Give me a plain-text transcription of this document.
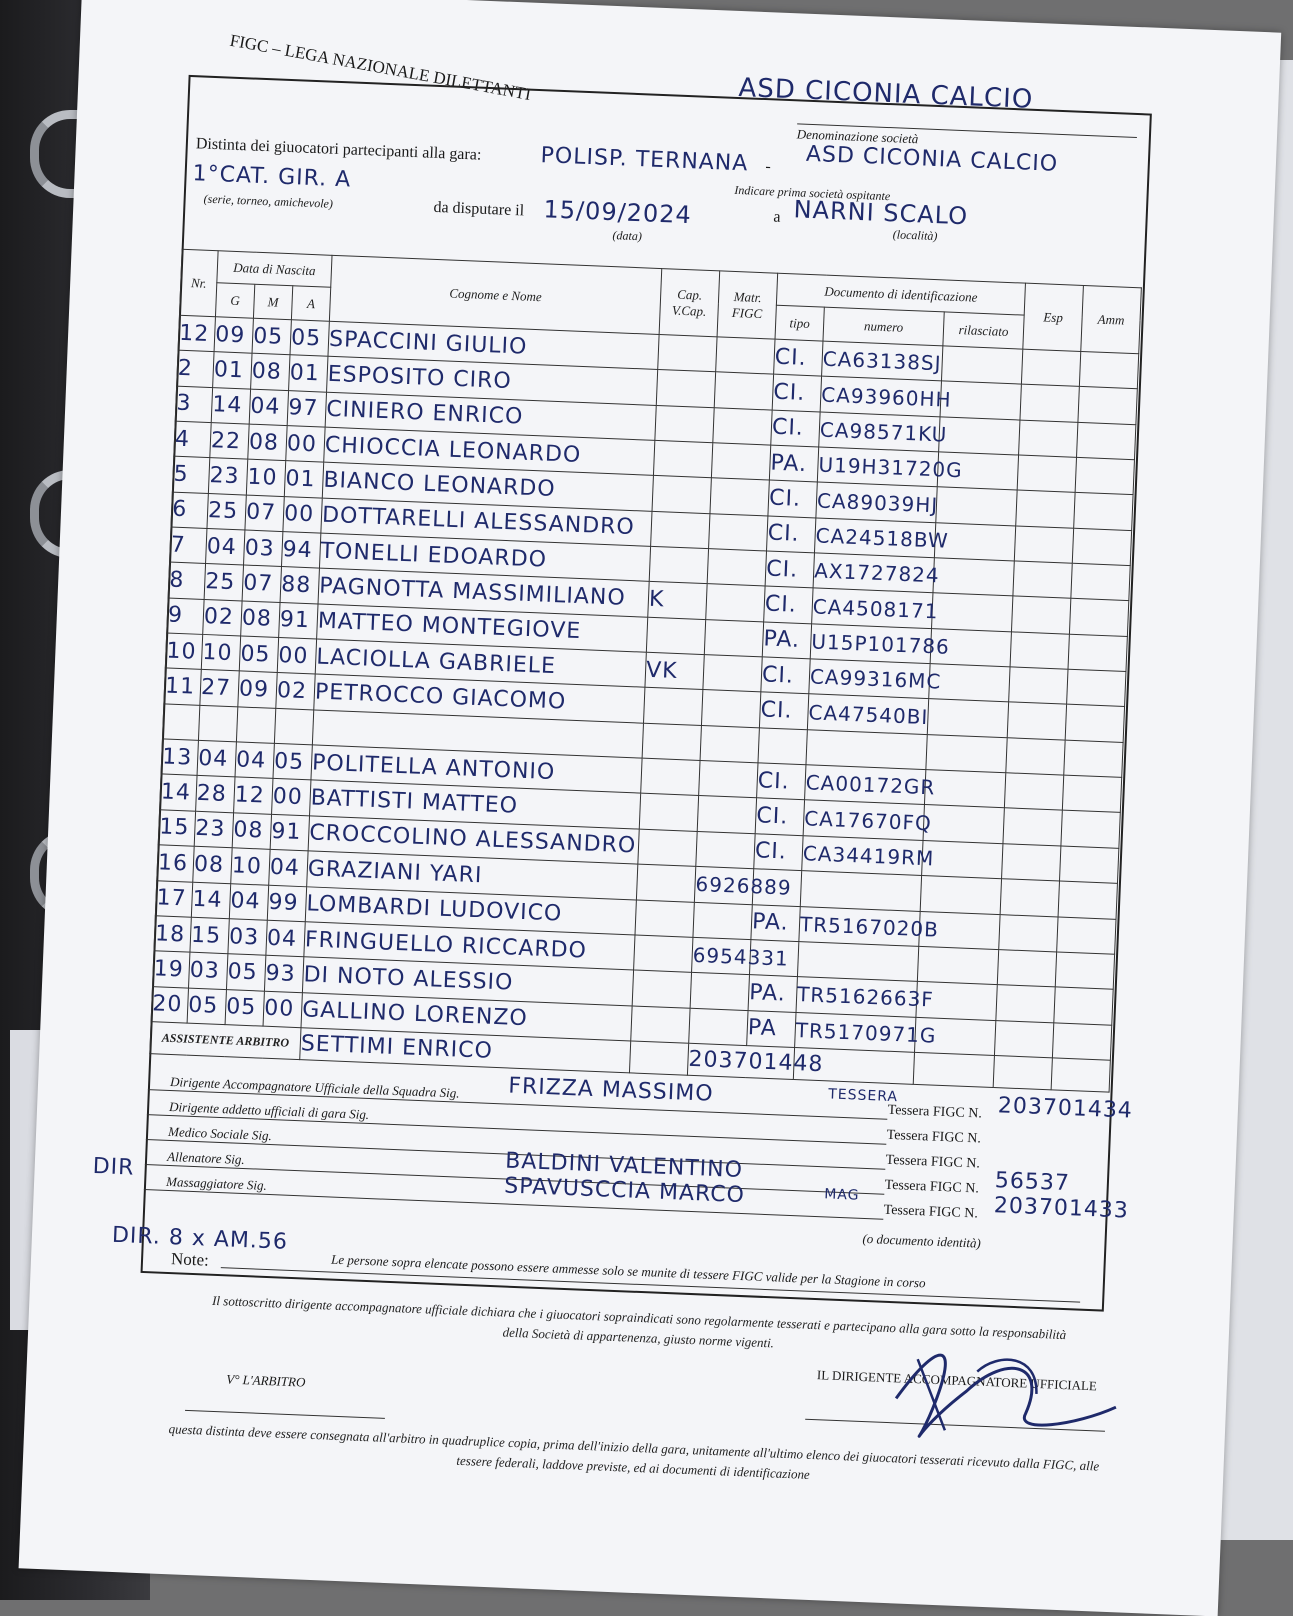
FIGC – LEGA NAZIONALE DILETTANTI	ASD CICONIA CALCIO
Denominazione società
Distinta dei giuocatori partecipanti alla gara:	POLISP. TERNANA - ASD CICONIA CALCIO
Indicare prima società ospitante
1°CAT. GIR. A
(serie, torneo, amichevole)	da disputare il 15/09/2024
(data)
a NARNI SCALO
(località)
Nr.	Data di Nascita			Cognome e Nome	Cap. V.Cap.	Matr. FIGC	Documento di identificazione			Esp	Amm
	G	M	A				tipo	numero	rilasciato		
12	09	05	05	SPACCINI GIULIO			CI.	CA63138SJ			
2	01	08	01	ESPOSITO CIRO			CI.	CA93960HH			
3	14	04	97	CINIERO ENRICO			CI.	CA98571KU			
4	22	08	00	CHIOCCIA LEONARDO			PA.	U19H31720G			
5	23	10	01	BIANCO LEONARDO			CI.	CA89039HJ			
6	25	07	00	DOTTARELLI ALESSANDRO			CI.	CA24518BW			
7	04	03	94	TONELLI EDOARDO			CI.	AX1727824			
8	25	07	88	PAGNOTTA MASSIMILIANO	K		CI.	CA4508171			
9	02	08	91	MATTEO MONTEGIOVE			PA.	U15P101786			
10	10	05	00	LACIOLLA GABRIELE	VK		CI.	CA99316MC			
11	27	09	02	PETROCCO GIACOMO			CI.	CA47540BI			

13	04	04	05	POLITELLA ANTONIO			CI.	CA00172GR			
14	28	12	00	BATTISTI MATTEO			CI.	CA17670FQ			
15	23	08	91	CROCCOLINO ALESSANDRO			CI.	CA34419RM			
16	08	10	04	GRAZIANI YARI		6926889					
17	14	04	99	LOMBARDI LUDOVICO			PA.	TR5167020B			
18	15	03	04	FRINGUELLO RICCARDO		6954331					
19	03	05	93	DI NOTO ALESSIO			PA.	TR5162663F			
20	05	05	00	GALLINO LORENZO			PA	TR5170971G			
ASSISTENTE ARBITRO				SETTIMI ENRICO		203701448					
Dirigente Accompagnatore Ufficiale della Squadra Sig. FRIZZA MASSIMO	TESSERA
Tessera FIGC N. 203701434
Dirigente addetto ufficiali di gara Sig.
Tessera FIGC N.
Medico Sociale Sig.
Tessera FIGC N.
Allenatore Sig.	BALDINI VALENTINO
Tessera FIGC N. 56537
Massaggiatore Sig.	SPAVUSCCIA MARCO	MAG
Tessera FIGC N. 203701433
(o documento identità)
DIR
DIR. 8 x AM.56
Note:	Le persone sopra elencate possono essere ammesse solo se munite di tessere FIGC valide per la Stagione in corso
Il sottoscritto dirigente accompagnatore ufficiale dichiara che i giuocatori sopraindicati sono regolarmente tesserati e partecipano alla gara sotto la responsabilità della Società di appartenenza, giusto norme vigenti.
V° L'ARBITRO	IL DIRIGENTE ACCOMPAGNATORE UFFICIALE
questa distinta deve essere consegnata all'arbitro in quadruplice copia, prima dell'inizio della gara, unitamente all'ultimo elenco dei giuocatori tesserati ricevuto dalla FIGC, alle tessere federali, laddove previste, ed ai documenti di identificazione
